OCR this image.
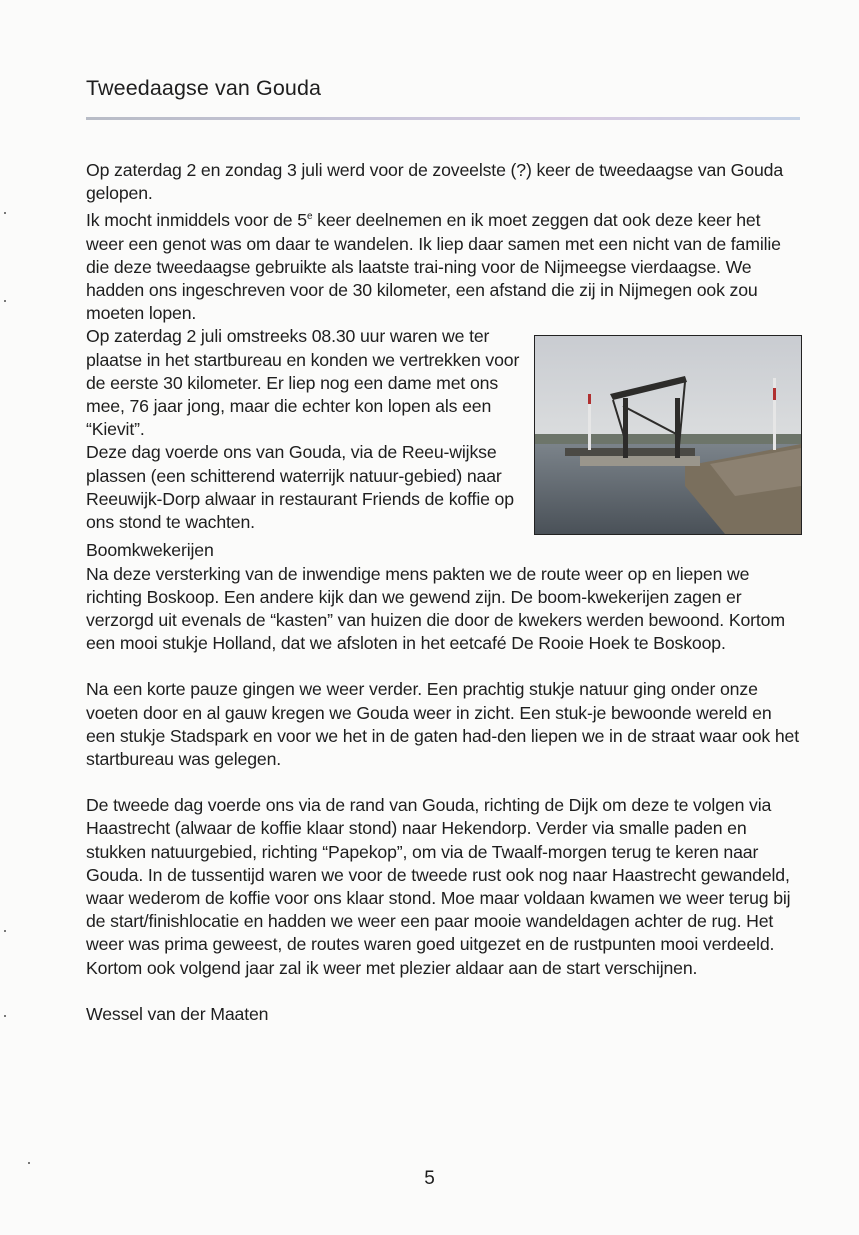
Tweedaagse van Gouda

Op zaterdag 2 en zondag 3 juli werd voor de zoveelste (?) keer de tweedaagse van Gouda gelopen.

Ik mocht inmiddels voor de 5e keer deelnemen en ik moet zeggen dat ook deze keer het weer een genot was om daar te wandelen. Ik liep daar samen met een nicht van de familie die deze tweedaagse gebruikte als laatste trai-ning voor de Nijmeegse vierdaagse. We hadden ons ingeschreven voor de 30 kilometer, een afstand die zij in Nijmegen ook zou moeten lopen.

Op zaterdag 2 juli omstreeks 08.30 uur waren we ter plaatse in het startbureau en konden we vertrekken voor de eerste 30 kilometer. Er liep nog een dame met ons mee, 76 jaar jong, maar die echter kon lopen als een “Kievit”.

Deze dag voerde ons van Gouda, via de Reeu-wijkse plassen (een schitterend waterrijk natuur-gebied) naar Reeuwijk-Dorp alwaar in restaurant Friends de koffie op ons stond te wachten.

Boomkwekerijen

Na deze versterking van de inwendige mens pakten we de route weer op en liepen we richting Boskoop. Een andere kijk dan we gewend zijn. De boom-kwekerijen zagen er verzorgd uit evenals de “kasten” van huizen die door de kwekers werden bewoond. Kortom een mooi stukje Holland, dat we afsloten in het eetcafé De Rooie Hoek te Boskoop.

Na een korte pauze gingen we weer verder. Een prachtig stukje natuur ging onder onze voeten door en al gauw kregen we Gouda weer in zicht. Een stuk-je bewoonde wereld en een stukje Stadspark en voor we het in de gaten had-den liepen we in de straat waar ook het startbureau was gelegen.

De tweede dag voerde ons via de rand van Gouda, richting de Dijk om deze te volgen via Haastrecht (alwaar de koffie klaar stond) naar Hekendorp. Verder via smalle paden en stukken natuurgebied, richting “Papekop”, om via de Twaalf-morgen terug te keren naar Gouda. In de tussentijd waren we voor de tweede rust ook nog naar Haastrecht gewandeld, waar wederom de koffie voor ons klaar stond. Moe maar voldaan kwamen we weer terug bij de start/finishlocatie en hadden we weer een paar mooie wandeldagen achter de rug. Het weer was prima geweest, de routes waren goed uitgezet en de rustpunten mooi verdeeld. Kortom ook volgend jaar zal ik weer met plezier aldaar aan de start verschijnen.

Wessel van der Maaten

5
